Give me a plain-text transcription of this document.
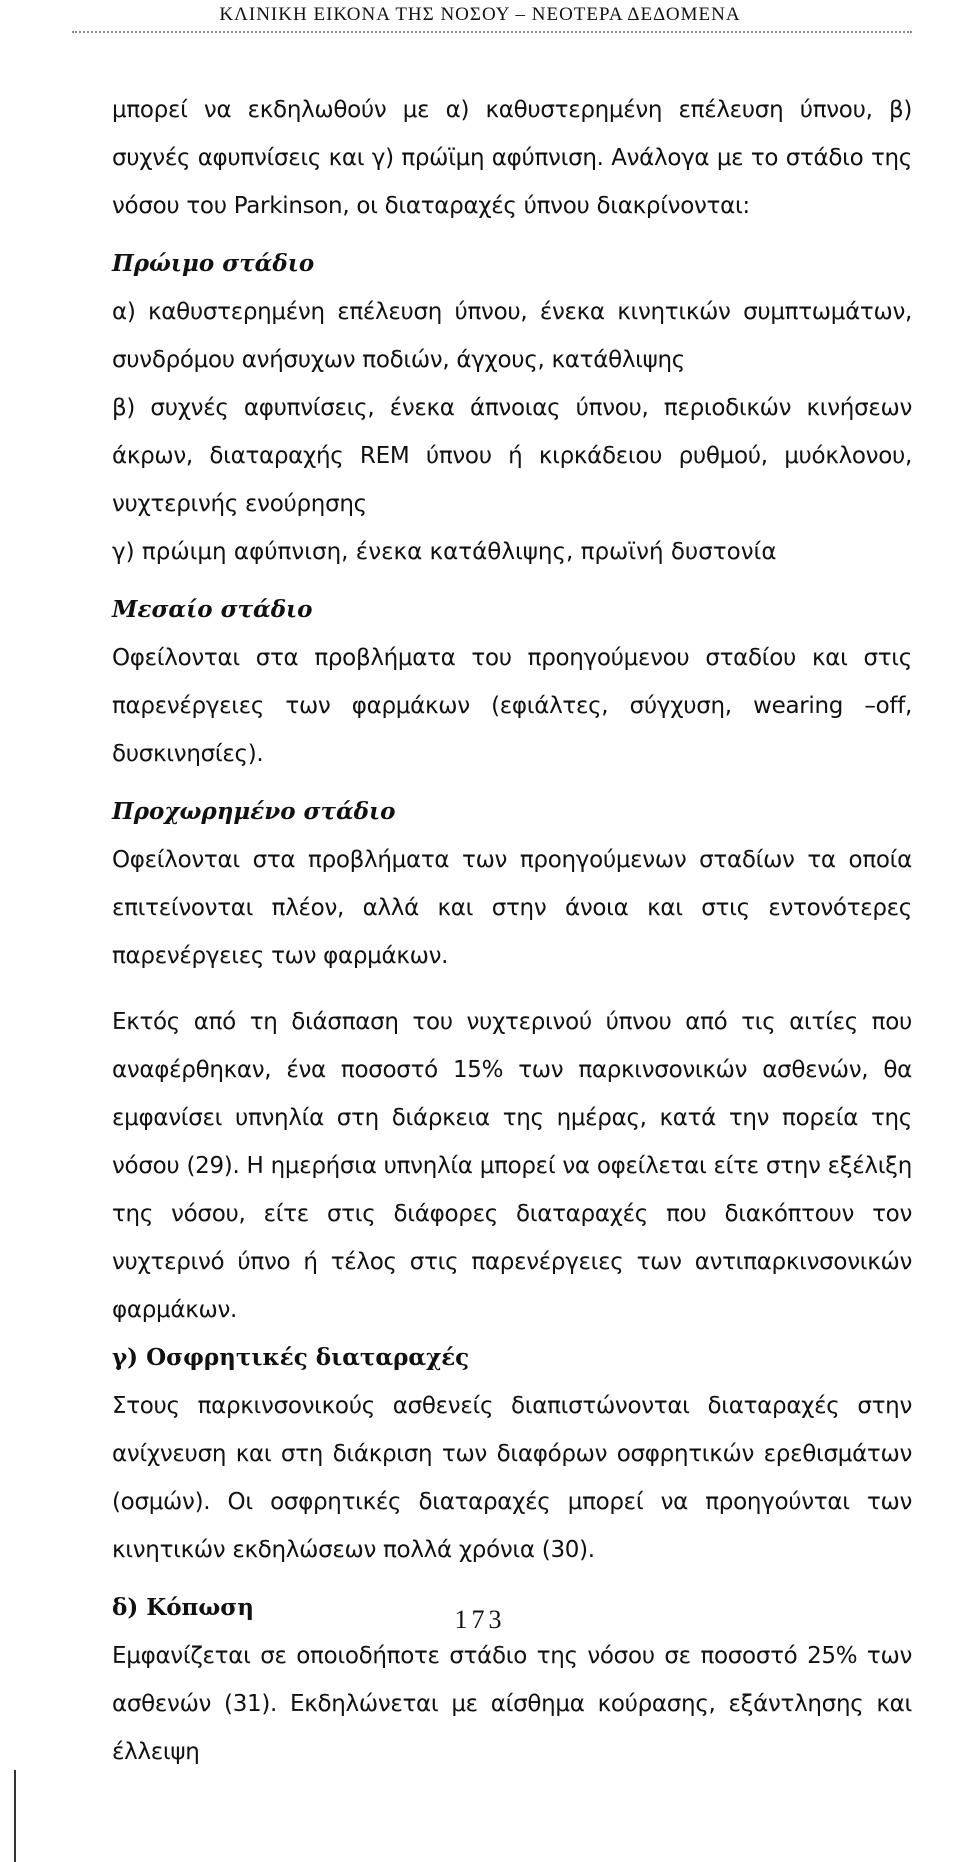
ΚΛΙΝΙΚΗ ΕΙΚΟΝΑ ΤΗΣ ΝΟΣΟΥ – ΝΕΟΤΕΡΑ ΔΕΔΟΜΕΝΑ

μπορεί να εκδηλωθούν με α) καθυστερημένη επέλευση ύπνου, β) συχνές αφυπνίσεις και γ) πρώϊμη αφύπνιση. Ανάλογα με το στάδιο της νόσου του Parkinson, οι διαταραχές ύπνου διακρίνονται:

Πρώιμο στάδιο

α) καθυστερημένη επέλευση ύπνου, ένεκα κινητικών συμπτωμάτων, συνδρόμου ανήσυχων ποδιών, άγχους, κατάθλιψης

β) συχνές αφυπνίσεις, ένεκα άπνοιας ύπνου, περιοδικών κινήσεων άκρων, διαταραχής REM ύπνου ή κιρκάδειου ρυθμού, μυόκλονου, νυχτερινής ενούρησης

γ) πρώιμη αφύπνιση, ένεκα κατάθλιψης, πρωϊνή δυστονία

Μεσαίο στάδιο

Οφείλονται στα προβλήματα του προηγούμενου σταδίου και στις παρενέργειες των φαρμάκων (εφιάλτες, σύγχυση, wearing –off, δυσκινησίες).

Προχωρημένο στάδιο

Οφείλονται στα προβλήματα των προηγούμενων σταδίων τα οποία επιτείνονται πλέον, αλλά και στην άνοια και στις εντονότερες παρενέργειες των φαρμάκων.

Εκτός από τη διάσπαση του νυχτερινού ύπνου από τις αιτίες που αναφέρθηκαν, ένα ποσοστό 15% των παρκινσονικών ασθενών, θα εμφανίσει υπνηλία στη διάρκεια της ημέρας, κατά την πορεία της νόσου (29). Η ημερήσια υπνηλία μπορεί να οφείλεται είτε στην εξέλιξη της νόσου, είτε στις διάφορες διαταραχές που διακόπτουν τον νυχτερινό ύπνο ή τέλος στις παρενέργειες των αντιπαρκινσονικών φαρμάκων.

γ) Οσφρητικές διαταραχές

Στους παρκινσονικούς ασθενείς διαπιστώνονται διαταραχές στην ανίχνευση και στη διάκριση των διαφόρων οσφρητικών ερεθισμάτων (οσμών). Οι οσφρητικές διαταραχές μπορεί να προηγούνται των κινητικών εκδηλώσεων πολλά χρόνια (30).

δ) Κόπωση

Εμφανίζεται σε οποιοδήποτε στάδιο της νόσου σε ποσοστό 25% των ασθενών (31). Εκδηλώνεται με αίσθημα κούρασης, εξάντλησης και έλλειψη

173
